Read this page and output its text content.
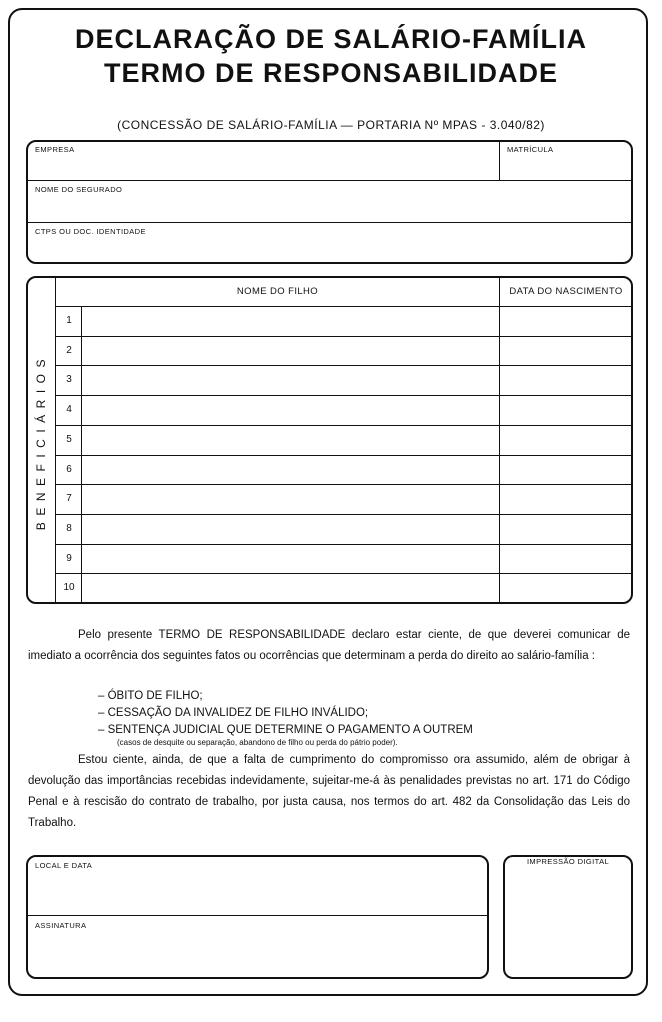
DECLARAÇÃO DE SALÁRIO-FAMÍLIA
TERMO DE RESPONSABILIDADE
(CONCESSÃO DE SALÁRIO-FAMÍLIA — PORTARIA Nº MPAS - 3.040/82)
EMPRESA	MATRÍCULA
NOME DO SEGURADO
CTPS OU DOC. IDENTIDADE
BENEFICIÁRIOS
NOME DO FILHO	DATA DO NASCIMENTO
1
2
3
4
5
6
7
8
9
10
Pelo presente TERMO DE RESPONSABILIDADE declaro estar ciente, de que deverei comunicar de imediato a ocorrência dos seguintes fatos ou ocorrências que determinam a perda do direito ao salário-família :
– ÓBITO DE FILHO;
– CESSAÇÃO DA INVALIDEZ DE FILHO INVÁLIDO;
– SENTENÇA JUDICIAL QUE DETERMINE O PAGAMENTO A OUTREM
(casos de desquite ou separação, abandono de filho ou perda do pátrio poder).
Estou ciente, ainda, de que a falta de cumprimento do compromisso ora assumido, além de obrigar à devolução das importâncias recebidas indevidamente, sujeitar-me-á às penalidades previstas no art. 171 do Código Penal e à rescisão do contrato de trabalho, por justa causa, nos termos do art. 482 da Consolidação das Leis do Trabalho.
LOCAL E DATA
ASSINATURA
IMPRESSÃO DIGITAL
